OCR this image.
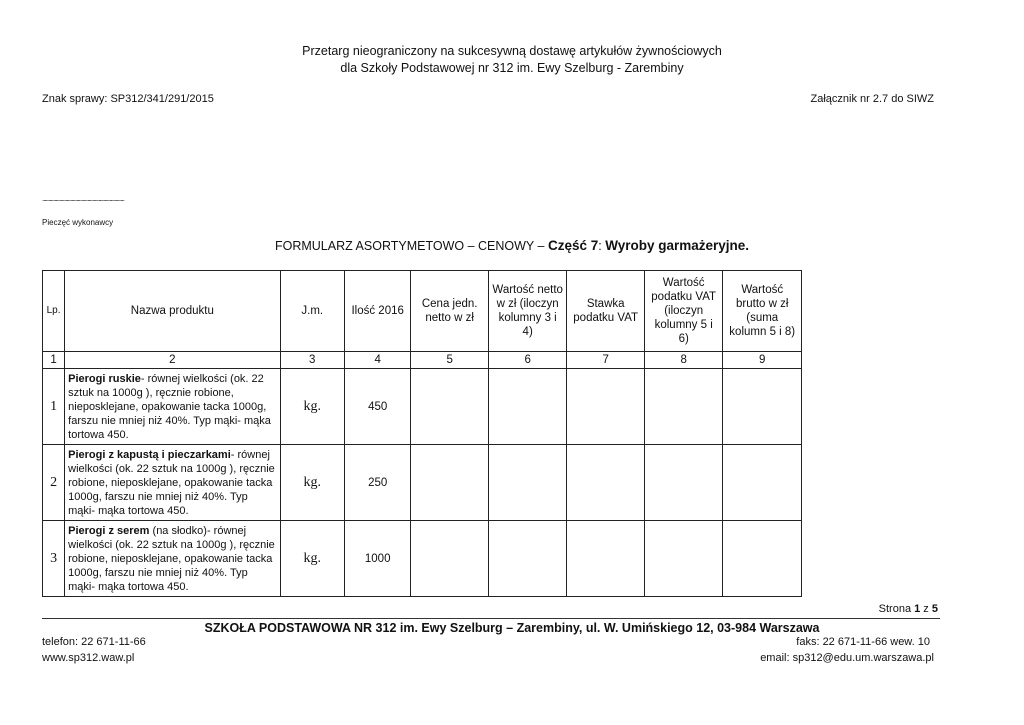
Przetarg nieograniczony na sukcesywną dostawę artykułów żywnościowych
dla Szkoły Podstawowej nr 312 im. Ewy Szelburg - Zarembiny
Znak sprawy: SP312/341/291/2015	Załącznik nr 2.7 do SIWZ
...................................................................
Pieczęć wykonawcy
FORMULARZ ASORTYMETOWO – CENOWY – Część 7: Wyroby garmażeryjne.
Lp.	Nazwa produktu	J.m.	Ilość 2016	Cena jedn. netto w zł	Wartość netto w zł (iloczyn kolumny 3 i 4)	Stawka podatku VAT	Wartość podatku VAT (iloczyn kolumny 5 i 6)	Wartość brutto w zł (suma kolumn 5 i 8)
1	2	3	4	5	6	7	8	9
1	Pierogi ruskie- równej wielkości (ok. 22 sztuk na 1000g ), ręcznie robione, nieposklejane, opakowanie tacka 1000g, farszu nie mniej niż 40%. Typ mąki- mąka tortowa 450.	kg.	450					
2	Pierogi z kapustą i pieczarkami- równej wielkości (ok. 22 sztuk na 1000g ), ręcznie robione, nieposklejane, opakowanie tacka 1000g, farszu nie mniej niż 40%. Typ mąki- mąka tortowa 450.	kg.	250					
3	Pierogi z serem (na słodko)- równej wielkości (ok. 22 sztuk na 1000g ), ręcznie robione, nieposklejane, opakowanie tacka 1000g, farszu nie mniej niż 40%. Typ mąki- mąka tortowa 450.	kg.	1000					
Strona 1 z 5
SZKOŁA PODSTAWOWA NR 312 im. Ewy Szelburg – Zarembiny, ul. W. Umińskiego 12, 03-984 Warszawa
telefon: 22 671-11-66	faks: 22 671-11-66 wew. 10
www.sp312.waw.pl	email: sp312@edu.um.warszawa.pl
